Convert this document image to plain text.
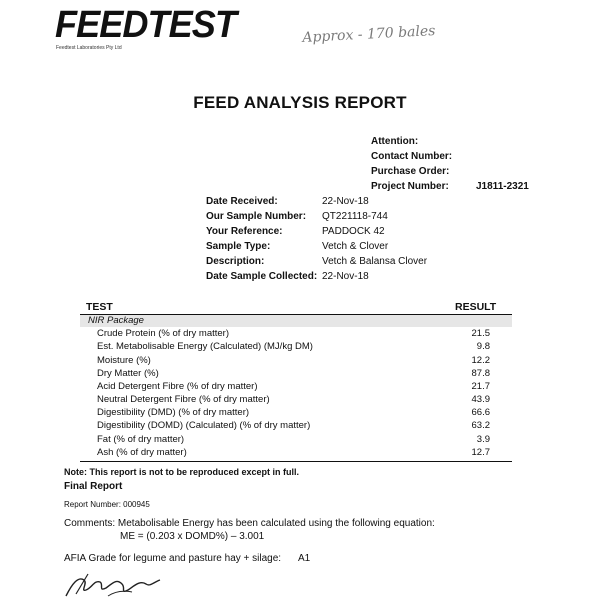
FEEDTEST
Feedtest Laboratories Pty Ltd
Approx - 170 bales
FEED ANALYSIS REPORT
Attention:
Contact Number:
Purchase Order:
Project Number:	J1811-2321
Date Received:	22-Nov-18
Our Sample Number: QT221118-744
Your Reference:	PADDOCK 42
Sample Type:	Vetch & Clover
Description:	Vetch & Balansa Clover
Date Sample Collected: 22-Nov-18
TEST	RESULT
NIR Package
Crude Protein (% of dry matter)	21.5
Est. Metabolisable Energy (Calculated) (MJ/kg DM)	9.8
Moisture (%)	12.2
Dry Matter (%)	87.8
Acid Detergent Fibre (% of dry matter)	21.7
Neutral Detergent Fibre (% of dry matter)	43.9
Digestibility (DMD) (% of dry matter)	66.6
Digestibility (DOMD) (Calculated) (% of dry matter)	63.2
Fat (% of dry matter)	3.9
Ash (% of dry matter)	12.7
Note: This report is not to be reproduced except in full.
Final Report
Report Number: 000945
Comments: Metabolisable Energy has been calculated using the following equation:
ME = (0.203 x DOMD%) – 3.001
AFIA Grade for legume and pasture hay + silage: A1
